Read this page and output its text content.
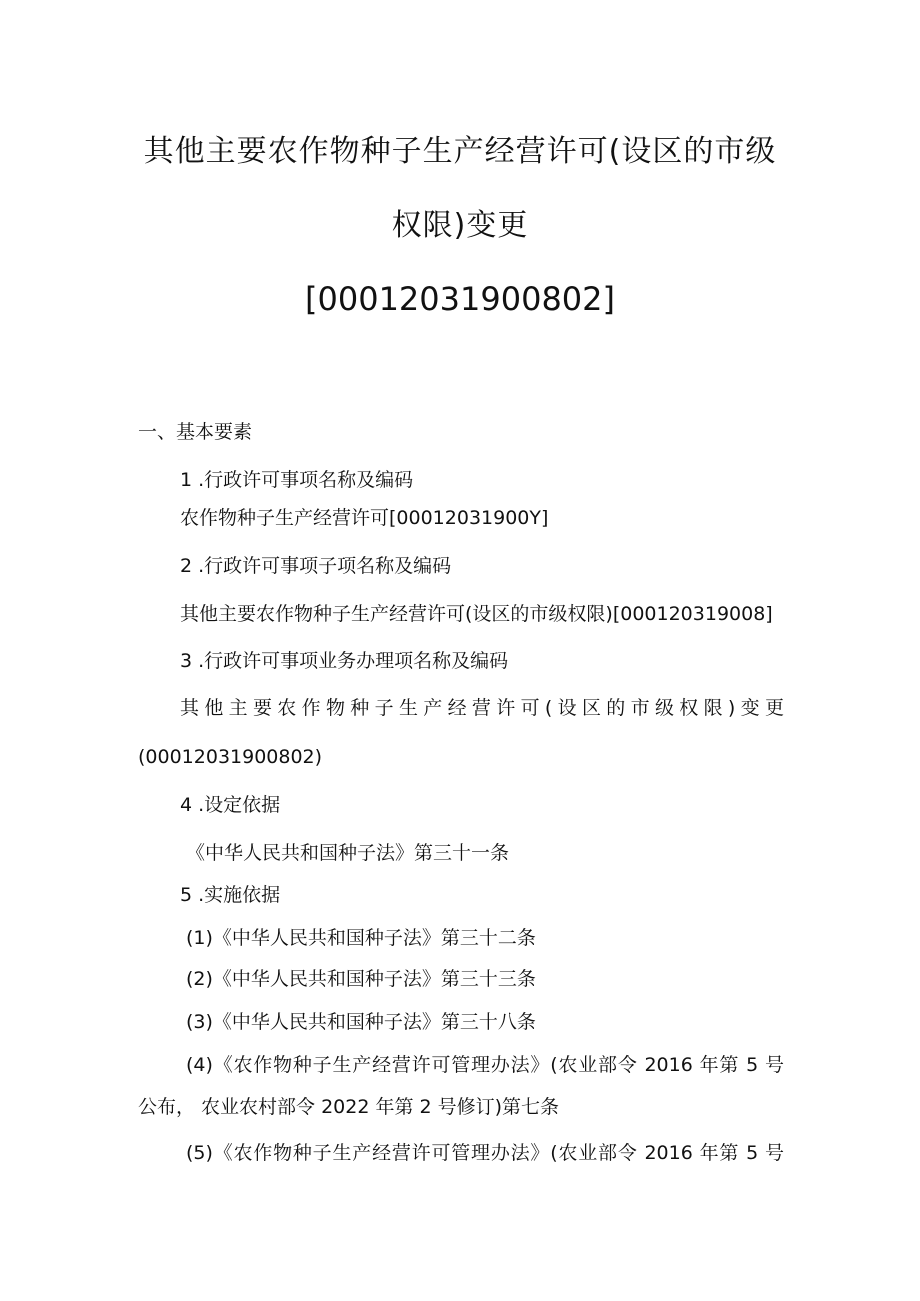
其他主要农作物种子生产经营许可(设区的市级
权限)变更
[00012031900802]
一、基本要素
1 .行政许可事项名称及编码
农作物种子生产经营许可[00012031900Y]
2 .行政许可事项子项名称及编码
其他主要农作物种子生产经营许可(设区的市级权限)[000120319008]
3 .行政许可事项业务办理项名称及编码
其他主要农作物种子生产经营许可(设区的市级权限)变更
(00012031900802)
4 .设定依据
《中华人民共和国种子法》第三十一条
5 .实施依据
(1)《中华人民共和国种子法》第三十二条
(2)《中华人民共和国种子法》第三十三条
(3)《中华人民共和国种子法》第三十八条
(4)《农作物种子生产经营许可管理办法》(农业部令 2016 年第 5 号
公布， 农业农村部令 2022 年第 2 号修订)第七条
(5)《农作物种子生产经营许可管理办法》(农业部令 2016 年第 5 号
